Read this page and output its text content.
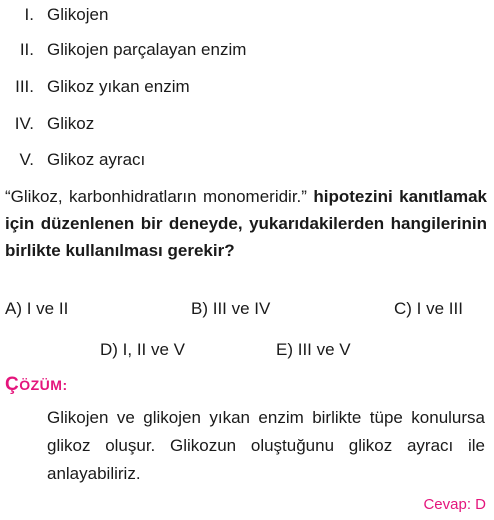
I. Glikojen
II. Glikojen parçalayan enzim
III. Glikoz yıkan enzim
IV. Glikoz
V. Glikoz ayracı
“Glikoz, karbonhidratların monomeridir.” hipotezini kanıtlamak için düzenlenen bir deneyde, yukarıdakilerden hangilerinin birlikte kullanılması gerekir?
A) I ve II	B) III ve IV	C) I ve III
D) I, II ve V	E) III ve V
ÇÖZÜM:
Glikojen ve glikojen yıkan enzim birlikte tüpe konulursa glikoz oluşur. Glikozun oluştuğunu glikoz ayracı ile anlayabiliriz.
Cevap: D
